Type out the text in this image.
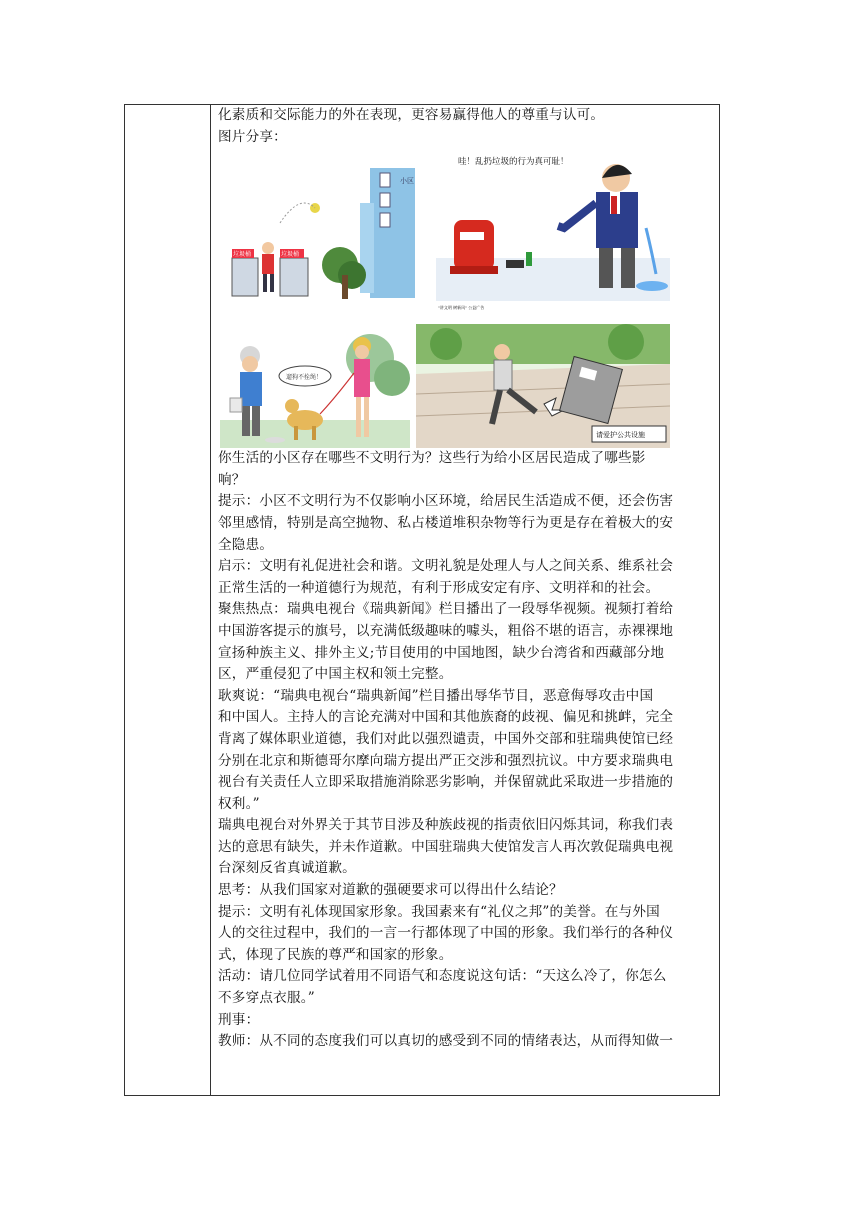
化素质和交际能力的外在表现，更容易赢得他人的尊重与认可。
图片分享：
小区
垃圾桶	垃圾桶
哇！乱扔垃圾的行为真可耻！
"讲文明 树新风" 公益广告
遛狗不拴绳！
请爱护公共设施
你生活的小区存在哪些不文明行为？这些行为给小区居民造成了哪些影
响？
提示：小区不文明行为不仅影响小区环境，给居民生活造成不便，还会伤害
邻里感情，特别是高空抛物、私占楼道堆积杂物等行为更是存在着极大的安
全隐患。
启示：文明有礼促进社会和谐。文明礼貌是处理人与人之间关系、维系社会
正常生活的一种道德行为规范，有利于形成安定有序、文明祥和的社会。
聚焦热点：瑞典电视台《瑞典新闻》栏目播出了一段辱华视频。视频打着给
中国游客提示的旗号，以充满低级趣味的噱头，粗俗不堪的语言，赤裸裸地
宣扬种族主义、排外主义;节目使用的中国地图，缺少台湾省和西藏部分地
区，严重侵犯了中国主权和领土完整。
耿爽说：“瑞典电视台“瑞典新闻”栏目播出辱华节目，恶意侮辱攻击中国
和中国人。主持人的言论充满对中国和其他族裔的歧视、偏见和挑衅，完全
背离了媒体职业道德，我们对此以强烈谴责，中国外交部和驻瑞典使馆已经
分别在北京和斯德哥尔摩向瑞方提出严正交涉和强烈抗议。中方要求瑞典电
视台有关责任人立即采取措施消除恶劣影响，并保留就此采取进一步措施的
权利。”
瑞典电视台对外界关于其节目涉及种族歧视的指责依旧闪烁其词，称我们表
达的意思有缺失，并未作道歉。中国驻瑞典大使馆发言人再次敦促瑞典电视
台深刻反省真诚道歉。
思考：从我们国家对道歉的强硬要求可以得出什么结论？
提示：文明有礼体现国家形象。我国素来有“礼仪之邦”的美誉。在与外国
人的交往过程中，我们的一言一行都体现了中国的形象。我们举行的各种仪
式，体现了民族的尊严和国家的形象。
活动：请几位同学试着用不同语气和态度说这句话：“天这么冷了，你怎么
不多穿点衣服。”
刑事：
教师：从不同的态度我们可以真切的感受到不同的情绪表达，从而得知做一
